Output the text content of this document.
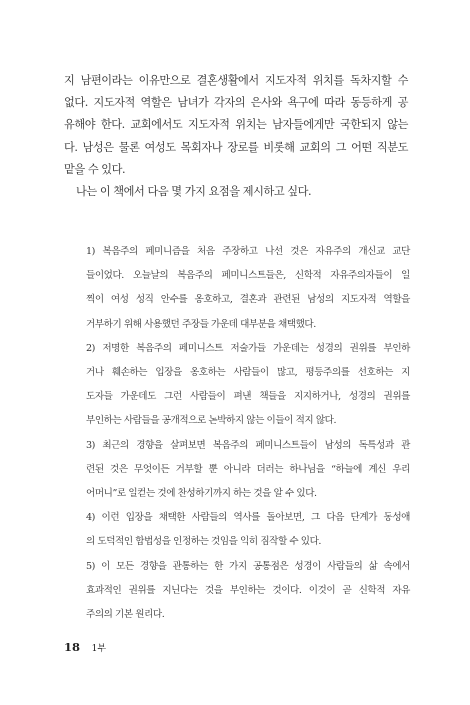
지 남편이라는 이유만으로 결혼생활에서 지도자적 위치를 독차지할 수
없다. 지도자적 역할은 남녀가 각자의 은사와 욕구에 따라 동등하게 공
유해야 한다. 교회에서도 지도자적 위치는 남자들에게만 국한되지 않는
다. 남성은 물론 여성도 목회자나 장로를 비롯해 교회의 그 어떤 직분도
맡을 수 있다.
나는 이 책에서 다음 몇 가지 요점을 제시하고 싶다.
1) 복음주의 페미니즘을 처음 주장하고 나선 것은 자유주의 개신교 교단
들이었다. 오늘날의 복음주의 페미니스트들은, 신학적 자유주의자들이 일
찍이 여성 성직 안수를 옹호하고, 결혼과 관련된 남성의 지도자적 역할을
거부하기 위해 사용했던 주장들 가운데 대부분을 채택했다.
2) 저명한 복음주의 페미니스트 저술가들 가운데는 성경의 권위를 부인하
거나 훼손하는 입장을 옹호하는 사람들이 많고, 평등주의를 선호하는 지
도자들 가운데도 그런 사람들이 펴낸 책들을 지지하거나, 성경의 권위를
부인하는 사람들을 공개적으로 논박하지 않는 이들이 적지 않다.
3) 최근의 경향을 살펴보면 복음주의 페미니스트들이 남성의 독특성과 관
련된 것은 무엇이든 거부할 뿐 아니라 더러는 하나님을 “하늘에 계신 우리
어머니”로 일컫는 것에 찬성하기까지 하는 것을 알 수 있다.
4) 이런 입장을 채택한 사람들의 역사를 돌아보면, 그 다음 단계가 동성애
의 도덕적인 합법성을 인정하는 것임을 익히 짐작할 수 있다.
5) 이 모든 경향을 관통하는 한 가지 공통점은 성경이 사람들의 삶 속에서
효과적인 권위를 지닌다는 것을 부인하는 것이다. 이것이 곧 신학적 자유
주의의 기본 원리다.
18 1부
